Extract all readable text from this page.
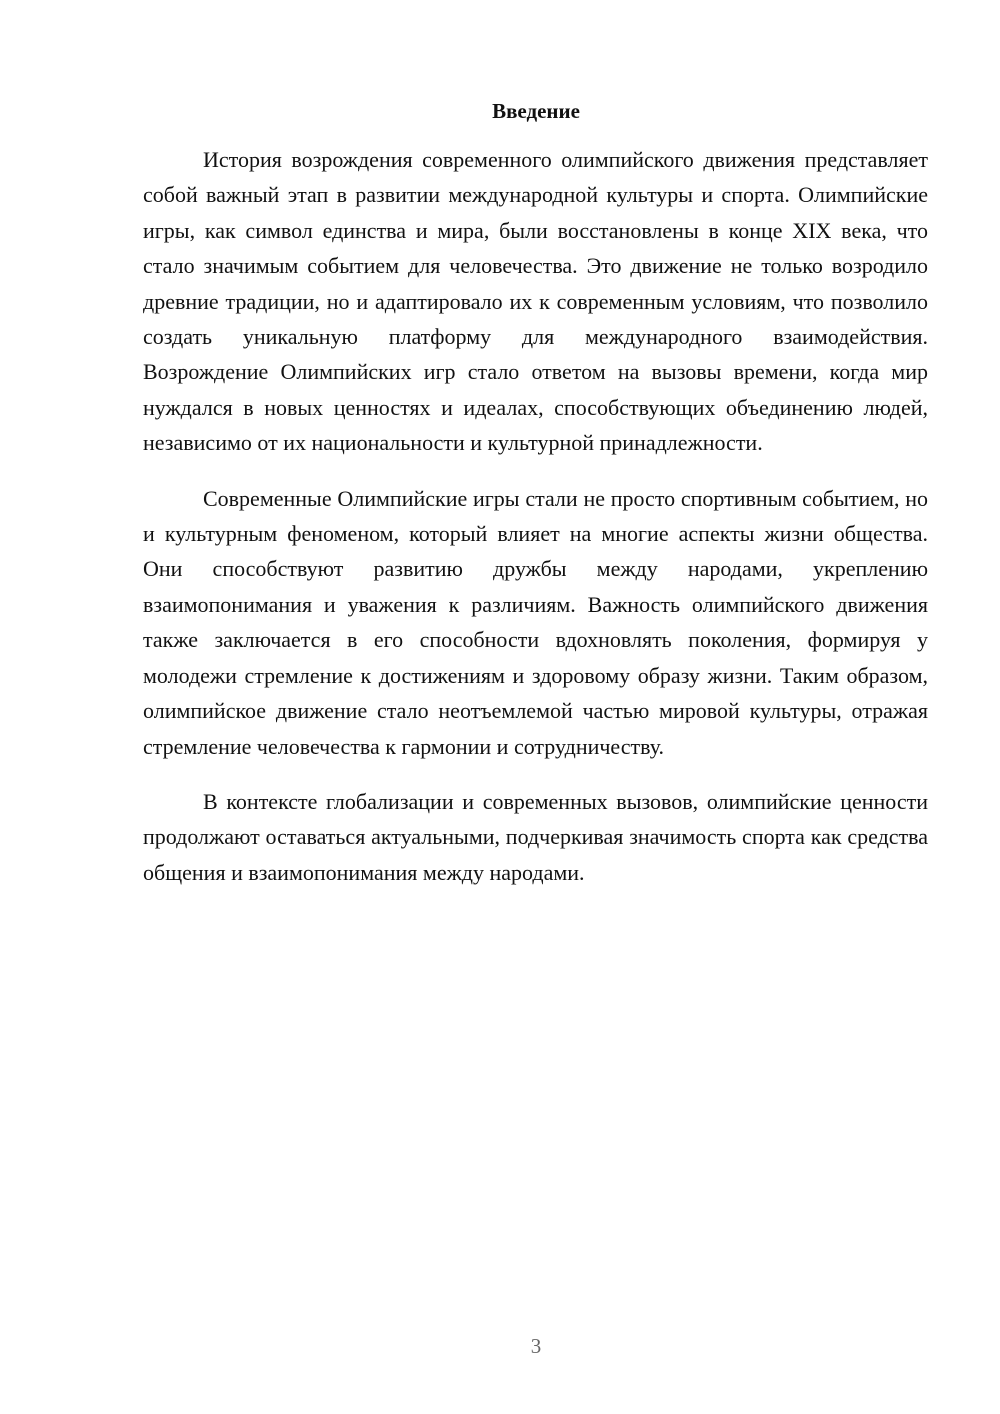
Введение

История возрождения современного олимпийского движения представляет собой важный этап в развитии международной культуры и спорта. Олимпийские игры, как символ единства и мира, были восстановлены в конце XIX века, что стало значимым событием для человечества. Это движение не только возродило древние традиции, но и адаптировало их к современным условиям, что позволило создать уникальную платформу для международного взаимодействия. Возрождение Олимпийских игр стало ответом на вызовы времени, когда мир нуждался в новых ценностях и идеалах, способствующих объединению людей, независимо от их национальности и культурной принадлежности.

Современные Олимпийские игры стали не просто спортивным событием, но и культурным феноменом, который влияет на многие аспекты жизни общества. Они способствуют развитию дружбы между народами, укреплению взаимопонимания и уважения к различиям. Важность олимпийского движения также заключается в его способности вдохновлять поколения, формируя у молодежи стремление к достижениям и здоровому образу жизни. Таким образом, олимпийское движение стало неотъемлемой частью мировой культуры, отражая стремление человечества к гармонии и сотрудничеству.

В контексте глобализации и современных вызовов, олимпийские ценности продолжают оставаться актуальными, подчеркивая значимость спорта как средства общения и взаимопонимания между народами.

3
